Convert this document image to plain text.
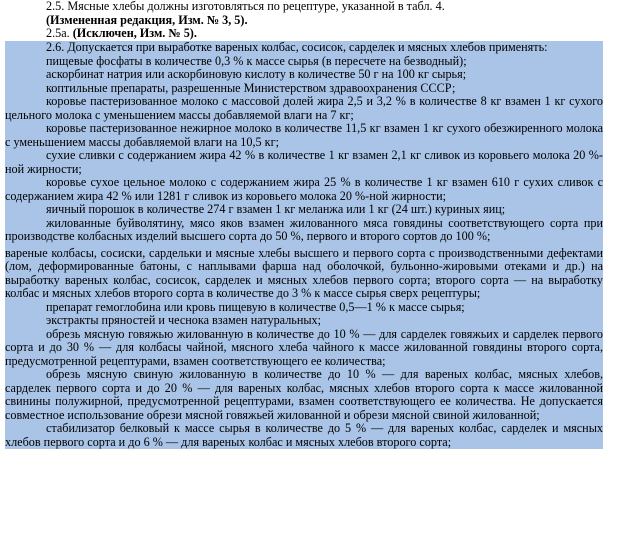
2.5. Мясные хлебы должны изготовляться по рецептуре, указанной в табл. 4.
(Измененная редакция, Изм. № 3, 5).
2.5а. (Исключен, Изм. № 5).

2.6. Допускается при выработке вареных колбас, сосисок, сарделек и мясных хлебов применять:

пищевые фосфаты в количестве 0,3 % к массе сырья (в пересчете на безводный);

аскорбинат натрия или аскорбиновую кислоту в количестве 50 г на 100 кг сырья;

коптильные препараты, разрешенные Министерством здравоохранения СССР;

коровье пастеризованное молоко с массовой долей жира 2,5 и 3,2 % в количестве 8 кг взамен 1 кг сухого цельного молока с уменьшением массы добавляемой влаги на 7 кг;

коровье пастеризованное нежирное молоко в количестве 11,5 кг взамен 1 кг сухого обезжиренного молока с уменьшением массы добавляемой влаги на 10,5 кг;

сухие сливки с содержанием жира 42 % в количестве 1 кг взамен 2,1 кг сливок из коровьего молока 20 %-ной жирности;

коровье сухое цельное молоко с содержанием жира 25 % в количестве 1 кг взамен 610 г сухих сливок с содержанием жира 42 % или 1281 г сливок из коровьего молока 20 %-ной жирности;

яичный порошок в количестве 274 г взамен 1 кг меланжа или 1 кг (24 шт.) куриных яиц;

жилованные буйволятину, мясо яков взамен жилованного мяса говядины соответствующего сорта при производстве колбасных изделий высшего сорта до 50 %, первого и второго сортов до 100 %;

вареные колбасы, сосиски, сардельки и мясные хлебы высшего и первого сорта с производственными дефектами (лом, деформированные батоны, с наплывами фарша над оболочкой, бульонно-жировыми отеками и др.) на выработку вареных колбас, сосисок, сарделек и мясных хлебов первого сорта; второго сорта — на выработку колбас и мясных хлебов второго сорта в количестве до 3 % к массе сырья сверх рецептуры;

препарат гемоглобина или кровь пищевую в количестве 0,5—1 % к массе сырья;

экстракты пряностей и чеснока взамен натуральных;

обрезь мясную говяжью жилованную в количестве до 10 % — для сарделек говяжьих и сарделек первого сорта и до 30 % — для колбасы чайной, мясного хлеба чайного к массе жилованной говядины второго сорта, предусмотренной рецептурами, взамен соответствующего ее количества;

обрезь мясную свиную жилованную в количестве до 10 % — для вареных колбас, мясных хлебов, сарделек первого сорта и до 20 % — для вареных колбас, мясных хлебов второго сорта к массе жилованной свинины полужирной, предусмотренной рецептурами, взамен соответствующего ее количества. Не допускается совместное использование обрези мясной говяжьей жилованной и обрези мясной свиной жилованной;

стабилизатор белковый к массе сырья в количестве до 5 % — для вареных колбас, сарделек и мясных хлебов первого сорта и до 6 % — для вареных колбас и мясных хлебов второго сорта;
